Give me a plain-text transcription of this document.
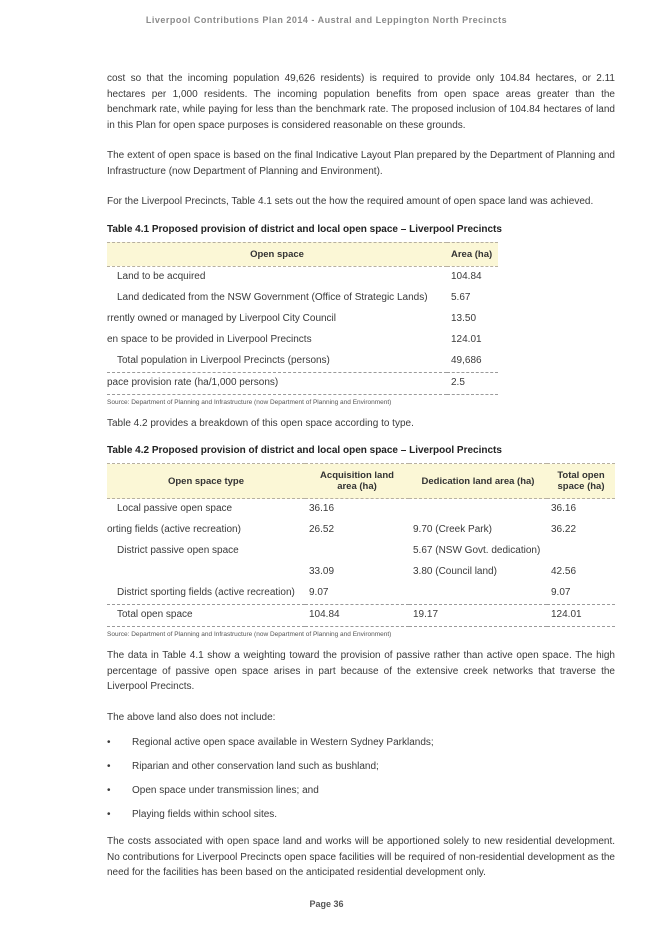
Liverpool Contributions Plan 2014 - Austral and Leppington North Precincts

cost so that the incoming population 49,626 residents) is required to provide only 104.84 hectares, or 2.11 hectares per 1,000 residents. The incoming population benefits from open space areas greater than the benchmark rate, while paying for less than the benchmark rate. The proposed inclusion of 104.84 hectares of land in this Plan for open space purposes is considered reasonable on these grounds.

The extent of open space is based on the final Indicative Layout Plan prepared by the Department of Planning and Infrastructure (now Department of Planning and Environment).

For the Liverpool Precincts, Table 4.1 sets out the how the required amount of open space land was achieved.

Table 4.1 Proposed provision of district and local open space – Liverpool Precincts
Open space	Area (ha)
Land to be acquired	104.84
Land dedicated from the NSW Government (Office of Strategic Lands)	5.67
rrently owned or managed by Liverpool City Council	13.50
en space to be provided in Liverpool Precincts	124.01
Total population in Liverpool Precincts (persons)	49,686
pace provision rate (ha/1,000 persons)	2.5
Source: Department of Planning and Infrastructure (now Department of Planning and Environment)

Table 4.2 provides a breakdown of this open space according to type.

Table 4.2 Proposed provision of district and local open space – Liverpool Precincts
Open space type	Acquisition land area (ha)	Dedication land area (ha)	Total open space (ha)
Local passive open space	36.16		36.16
orting fields (active recreation)	26.52	9.70 (Creek Park)	36.22
District passive open space		5.67 (NSW Govt. dedication)	
	33.09	3.80 (Council land)	42.56
District sporting fields (active recreation)	9.07		9.07
Total open space	104.84	19.17	124.01
Source: Department of Planning and Infrastructure (now Department of Planning and Environment)

The data in Table 4.1 show a weighting toward the provision of passive rather than active open space. The high percentage of passive open space arises in part because of the extensive creek networks that traverse the Liverpool Precincts.

The above land also does not include:

• Regional active open space available in Western Sydney Parklands;
• Riparian and other conservation land such as bushland;
• Open space under transmission lines; and
• Playing fields within school sites.

The costs associated with open space land and works will be apportioned solely to new residential development. No contributions for Liverpool Precincts open space facilities will be required of non-residential development as the need for the facilities has been based on the anticipated residential development only.

Page 36
